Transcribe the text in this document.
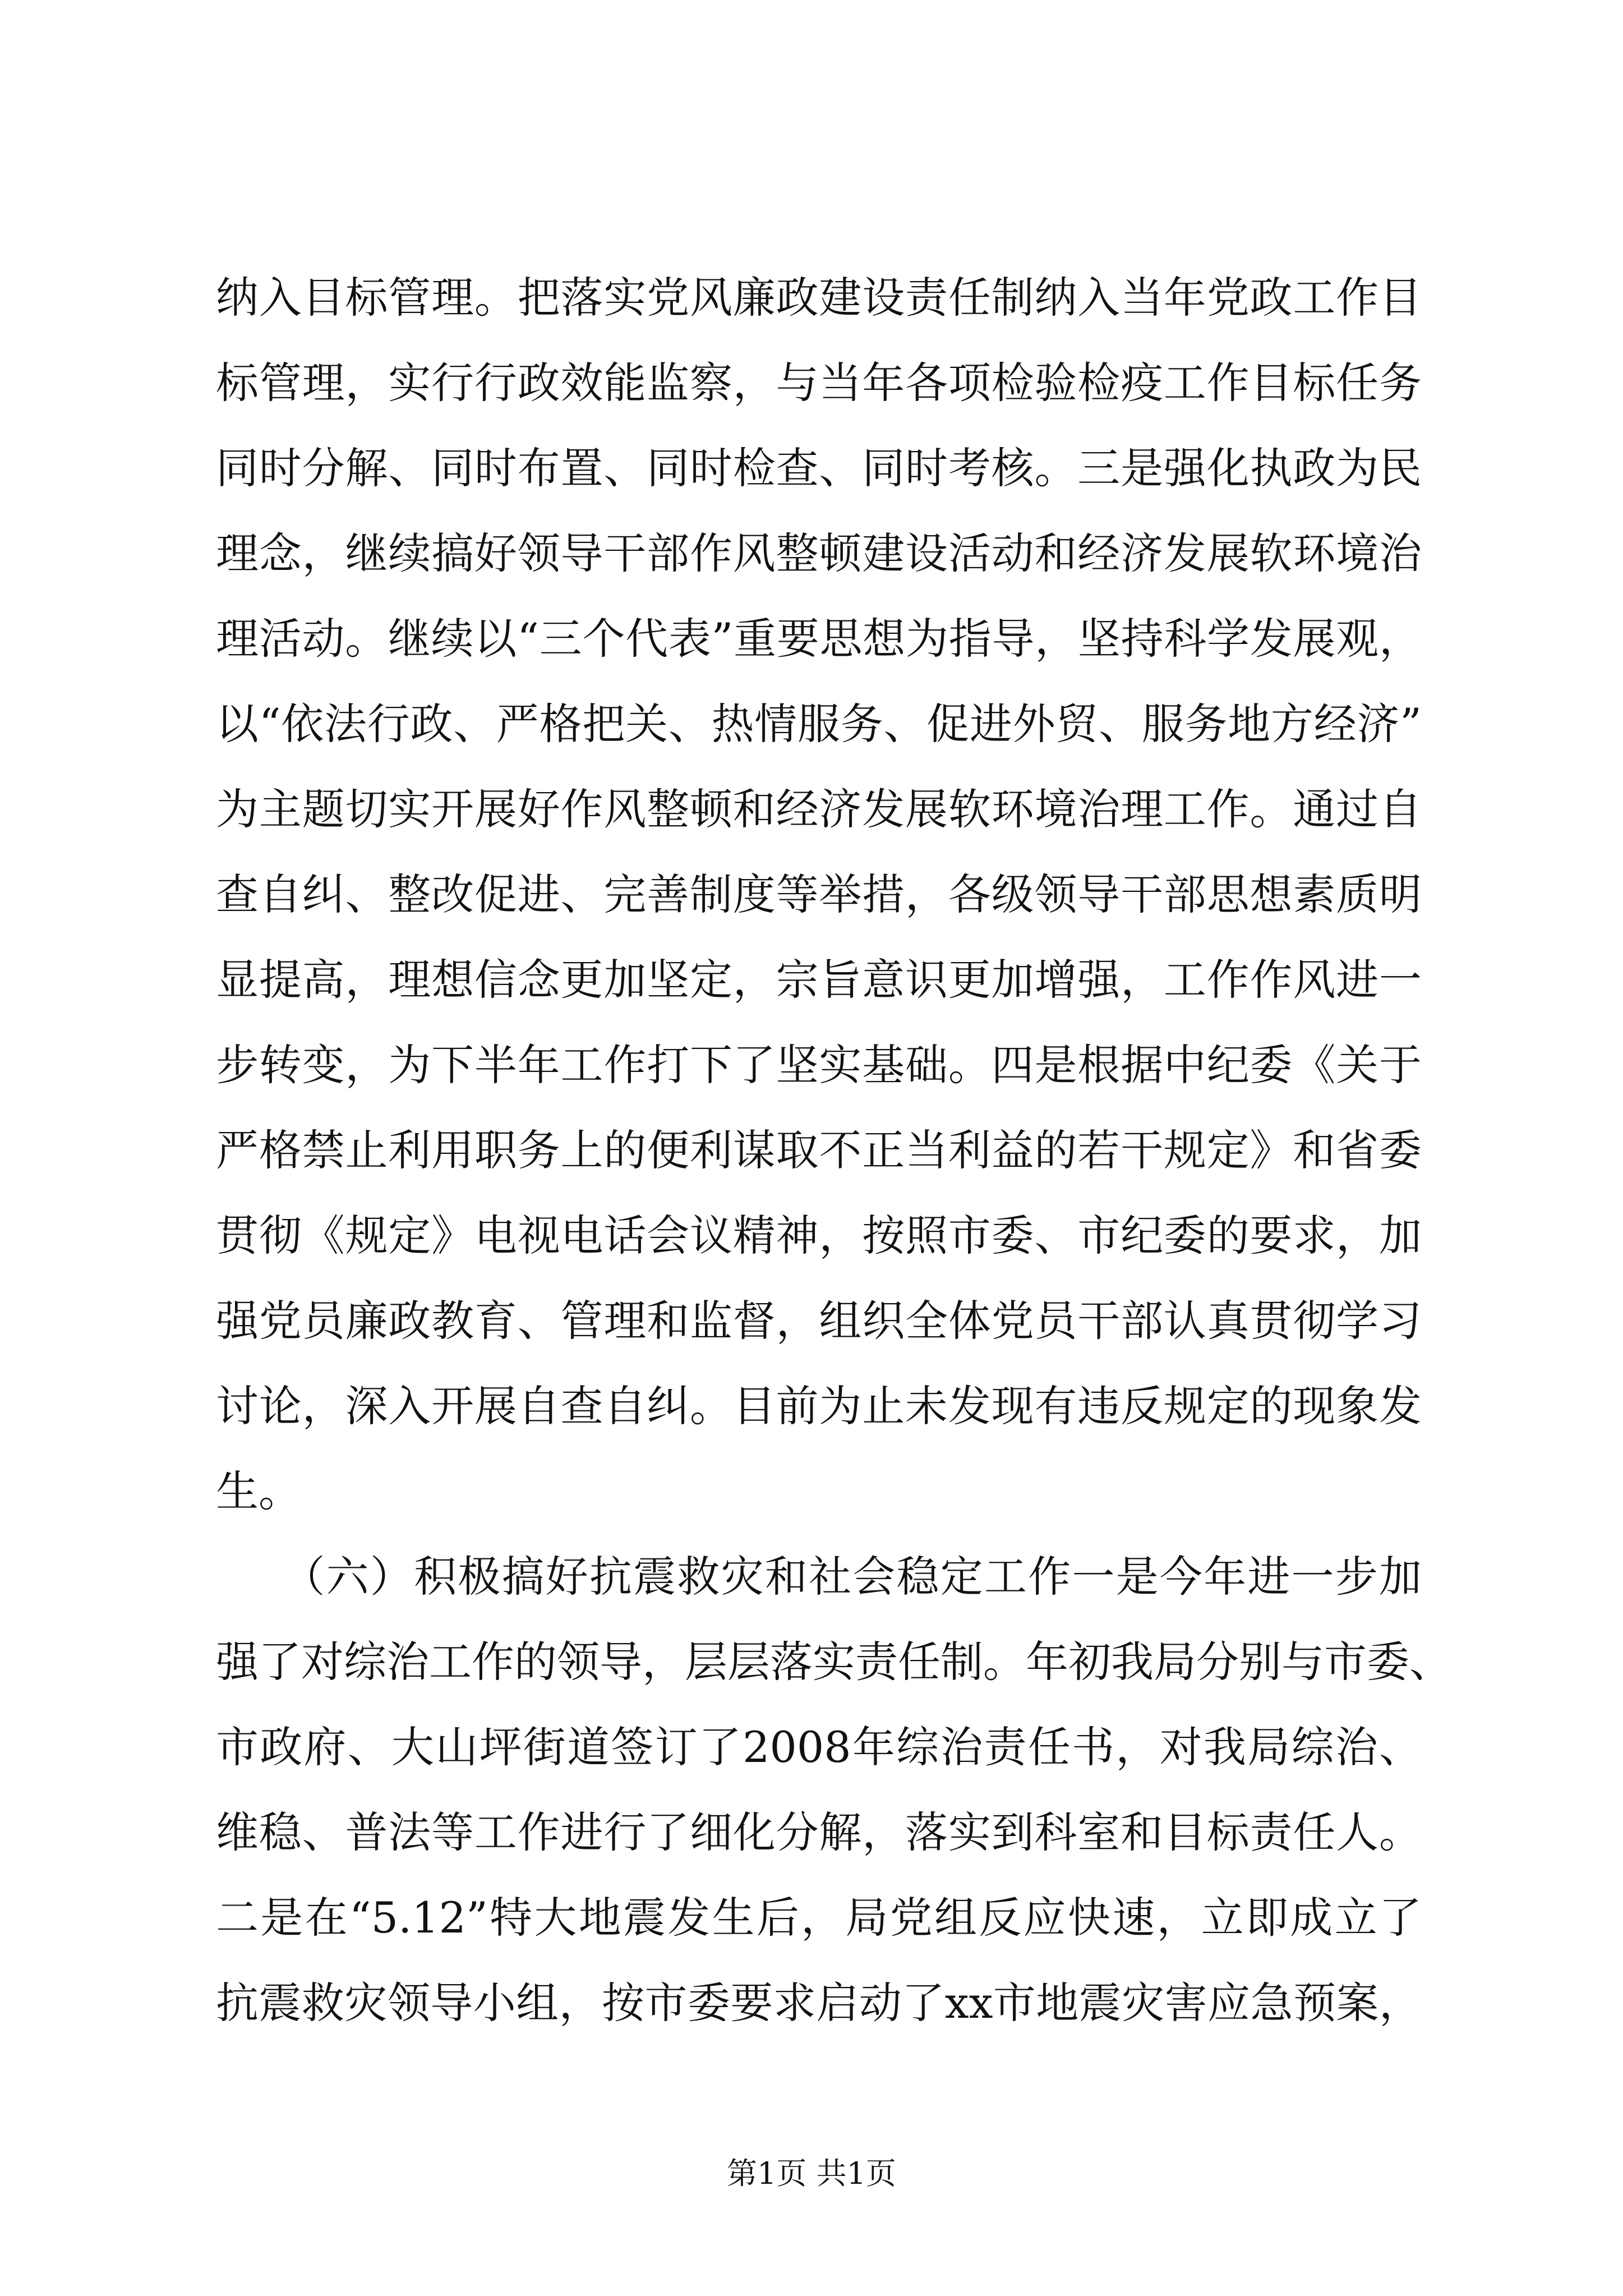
纳入目标管理。把落实党风廉政建设责任制纳入当年党政工作目
标管理，实行行政效能监察，与当年各项检验检疫工作目标任务
同时分解、同时布置、同时检查、同时考核。三是强化执政为民
理念，继续搞好领导干部作风整顿建设活动和经济发展软环境治
理活动。继续以“三个代表”重要思想为指导，坚持科学发展观，
以“依法行政、严格把关、热情服务、促进外贸、服务地方经济”
为主题切实开展好作风整顿和经济发展软环境治理工作。通过自
查自纠、整改促进、完善制度等举措，各级领导干部思想素质明
显提高，理想信念更加坚定，宗旨意识更加增强，工作作风进一
步转变，为下半年工作打下了坚实基础。四是根据中纪委《关于
严格禁止利用职务上的便利谋取不正当利益的若干规定》和省委
贯彻《规定》电视电话会议精神，按照市委、市纪委的要求，加
强党员廉政教育、管理和监督，组织全体党员干部认真贯彻学习
讨论，深入开展自查自纠。目前为止未发现有违反规定的现象发
生。
　　（六）积极搞好抗震救灾和社会稳定工作一是今年进一步加
强了对综治工作的领导，层层落实责任制。年初我局分别与市委、
市政府、大山坪街道签订了2008年综治责任书，对我局综治、
维稳、普法等工作进行了细化分解，落实到科室和目标责任人。
二是在“5.12”特大地震发生后，局党组反应快速，立即成立了
抗震救灾领导小组，按市委要求启动了xx市地震灾害应急预案，
第1页 共1页
